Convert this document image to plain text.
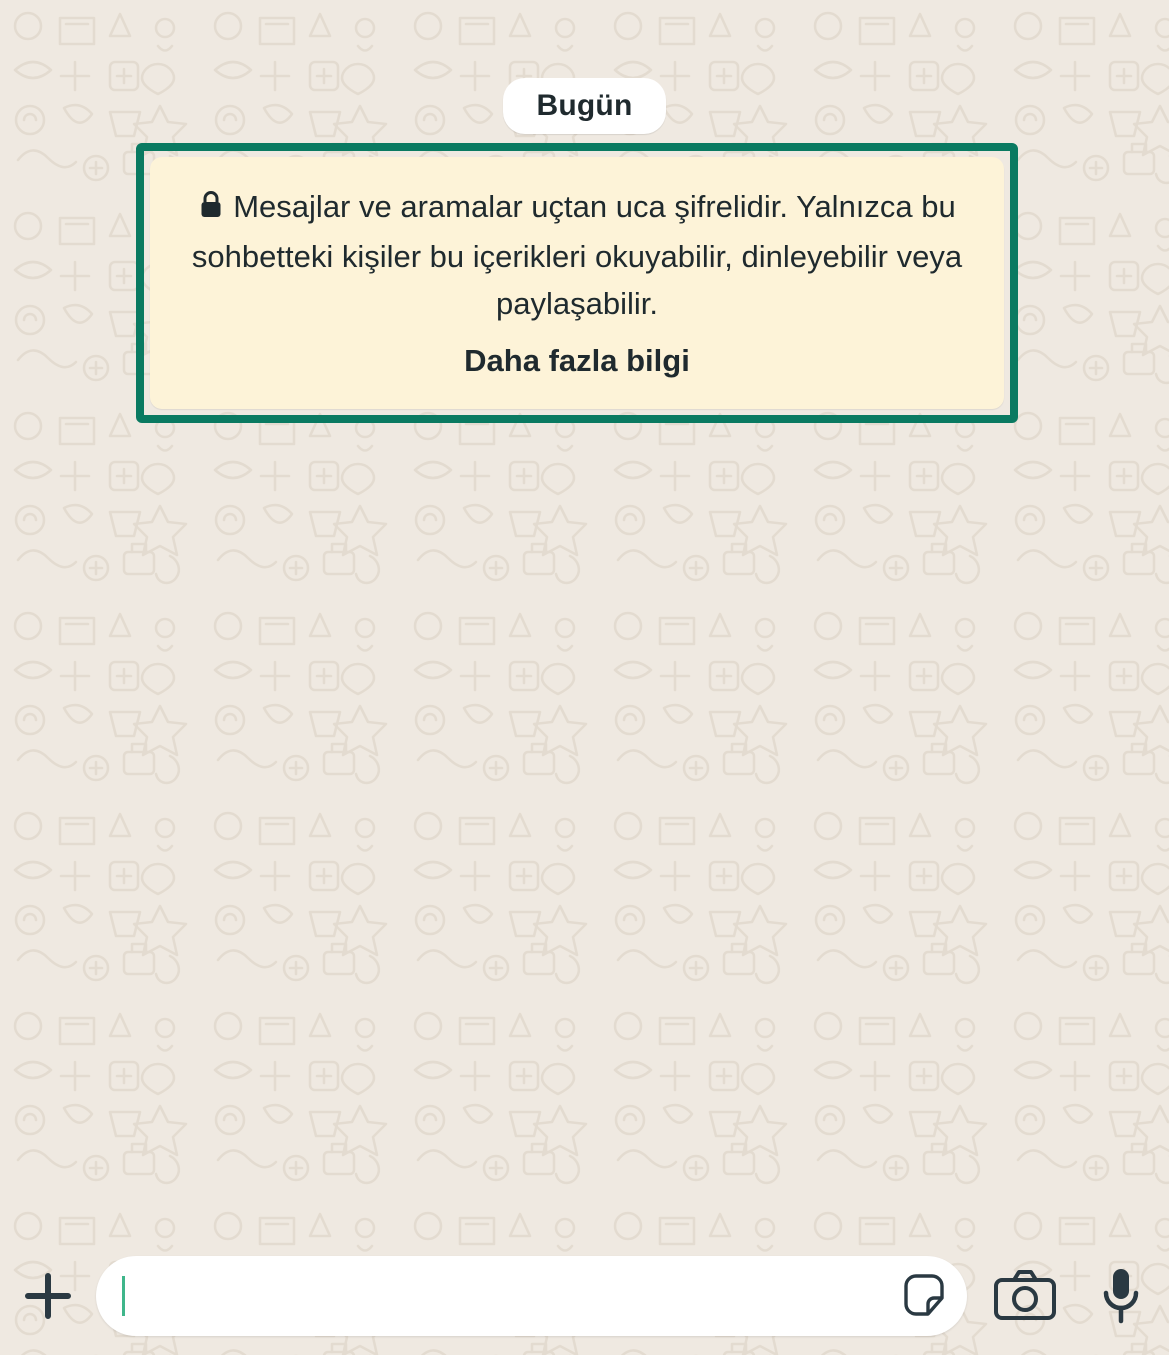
Bugün

Mesajlar ve aramalar uçtan uca şifrelidir. Yalnızca bu sohbetteki kişiler bu içerikleri okuyabilir, dinleyebilir veya paylaşabilir.

Daha fazla bilgi
